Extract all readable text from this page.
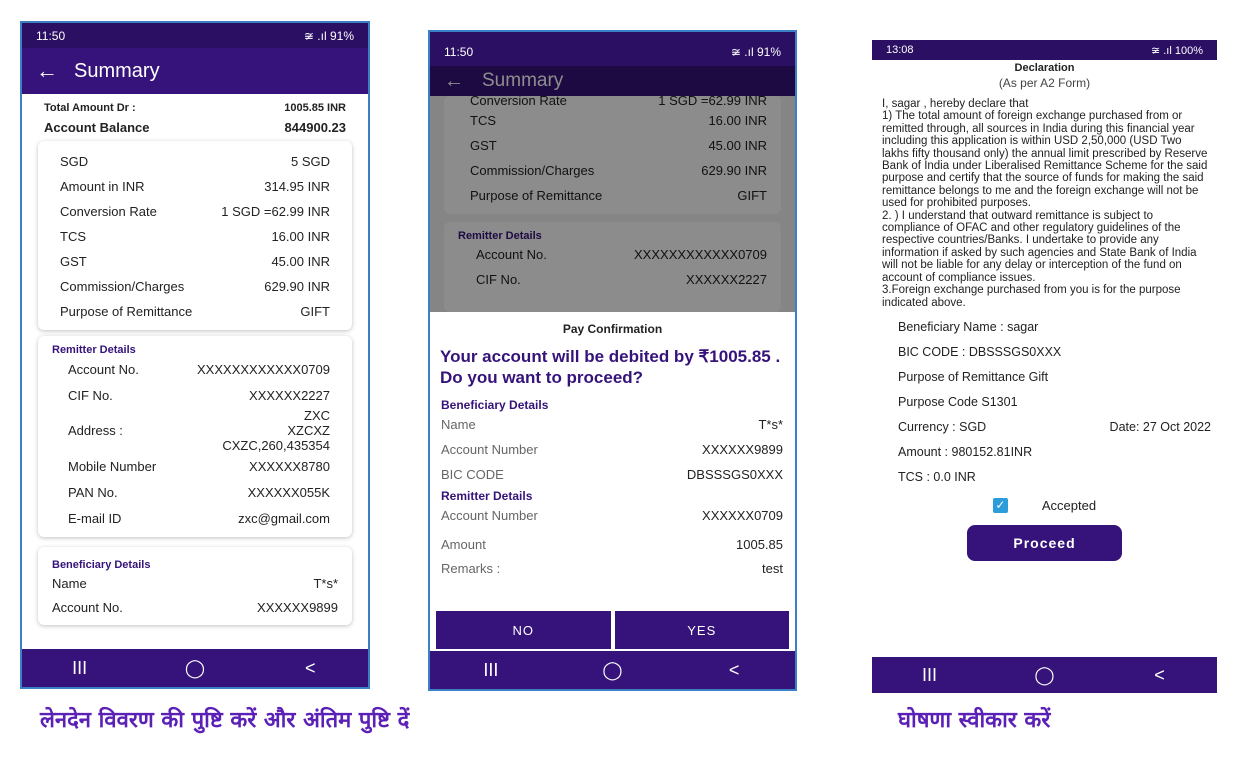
11:50	≆ .ıl 91%
← Summary
Total Amount Dr :	1005.85 INR
Account Balance	844900.23
SGD	5 SGD
Amount in INR	314.95 INR
Conversion Rate	1 SGD =62.99 INR
TCS	16.00 INR
GST	45.00 INR
Commission/Charges	629.90 INR
Purpose of Remittance	GIFT
Remitter Details
Account No.	XXXXXXXXXXXX0709
CIF No.	XXXXXX2227
Address :
ZXC
XZCXZ
CXZC,260,435354
Mobile Number	XXXXXX8780
PAN No.	XXXXXX055K
E-mail ID	zxc@gmail.com
Beneficiary Details
Name	T*s*
Account No.	XXXXXX9899
III	◯	<
11:50	≆ .ıl 91%
← Summary
Conversion Rate	1 SGD =62.99 INR
TCS	16.00 INR
GST	45.00 INR
Commission/Charges	629.90 INR
Purpose of Remittance	GIFT
Remitter Details
Account No.	XXXXXXXXXXXX0709
CIF No.	XXXXXX2227
Pay Confirmation
Your account will be debited by ₹1005.85 . Do you want to proceed?
Beneficiary Details
Name	T*s*
Account Number	XXXXXX9899
BIC CODE	DBSSSGS0XXX
Remitter Details
Account Number	XXXXXX0709
Amount	1005.85
Remarks :	test
NO	YES
III	◯	<
13:08	≆ .ıl 100%
Declaration
(As per A2 Form)
I, sagar , hereby declare that
1) The total amount of foreign exchange purchased from or remitted through, all sources in India during this financial year including this application is within USD 2,50,000 (USD Two lakhs fifty thousand only) the annual limit prescribed by Reserve Bank of India under Liberalised Remittance Scheme for the said purpose and certify that the source of funds for making the said remittance belongs to me and the foreign exchange will not be used for prohibited purposes.
2. ) I understand that outward remittance is subject to compliance of OFAC and other regulatory guidelines of the respective countries/Banks. I undertake to provide any information if asked by such agencies and State Bank of India will not be liable for any delay or interception of the fund on account of compliance issues.
3.Foreign exchange purchased from you is for the purpose indicated above.
Beneficiary Name : sagar
BIC CODE : DBSSSGS0XXX
Purpose of Remittance Gift
Purpose Code S1301
Currency : SGD	Date: 27 Oct 2022
Amount : 980152.81INR
TCS : 0.0 INR
✓	Accepted
Proceed
III	◯	<
लेनदेन विवरण की पुष्टि करें और अंतिम पुष्टि दें	घोषणा स्वीकार करें
